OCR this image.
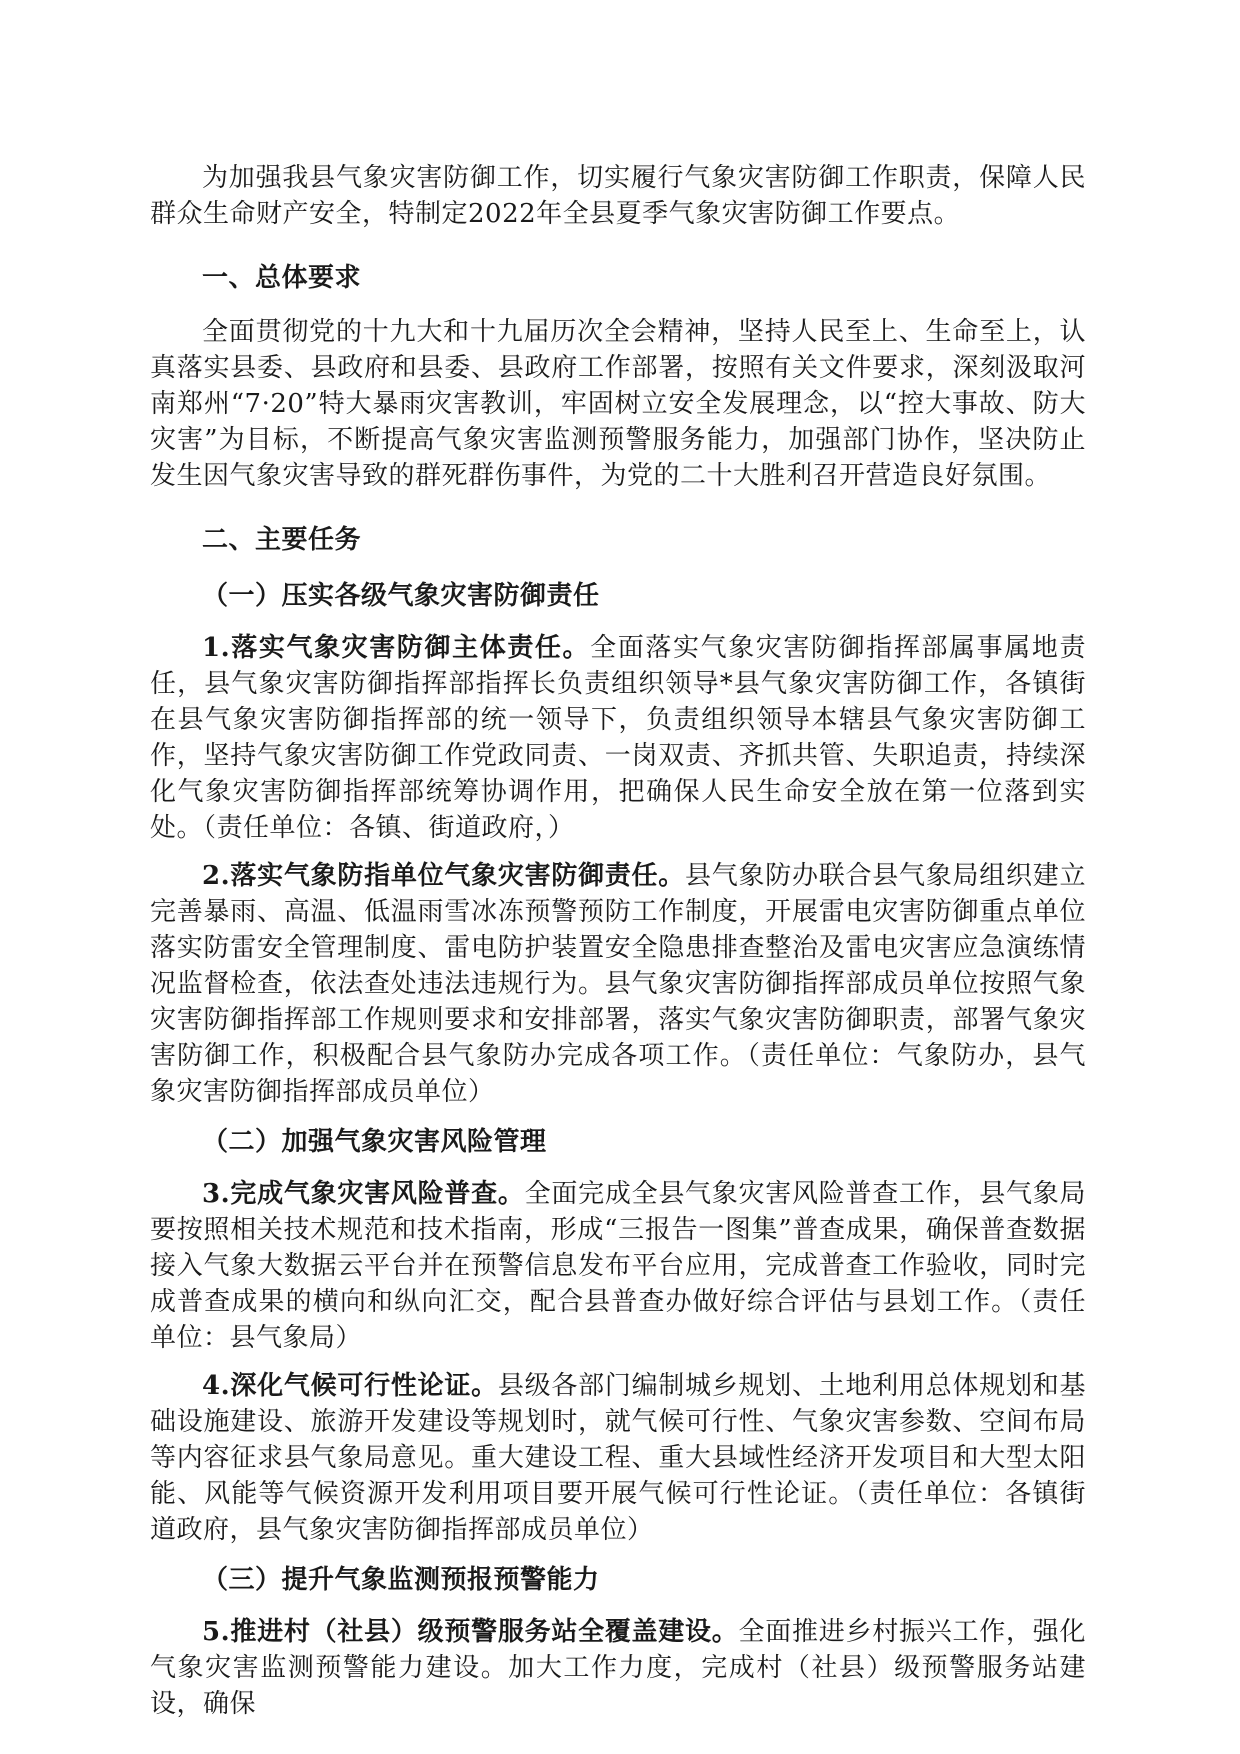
为加强我县气象灾害防御工作，切实履行气象灾害防御工作职责，保障人民群众生命财产安全，特制定2022年全县夏季气象灾害防御工作要点。

一、总体要求

全面贯彻党的十九大和十九届历次全会精神，坚持人民至上、生命至上，认真落实县委、县政府和县委、县政府工作部署，按照有关文件要求，深刻汲取河南郑州“7·20”特大暴雨灾害教训，牢固树立安全发展理念，以“控大事故、防大灾害”为目标，不断提高气象灾害监测预警服务能力，加强部门协作，坚决防止发生因气象灾害导致的群死群伤事件，为党的二十大胜利召开营造良好氛围。

二、主要任务
（一）压实各级气象灾害防御责任

1.落实气象灾害防御主体责任。全面落实气象灾害防御指挥部属事属地责任，县气象灾害防御指挥部指挥长负责组织领导*县气象灾害防御工作，各镇街在县气象灾害防御指挥部的统一领导下，负责组织领导本辖县气象灾害防御工作，坚持气象灾害防御工作党政同责、一岗双责、齐抓共管、失职追责，持续深化气象灾害防御指挥部统筹协调作用，把确保人民生命安全放在第一位落到实处。（责任单位：各镇、街道政府，）

2.落实气象防指单位气象灾害防御责任。县气象防办联合县气象局组织建立完善暴雨、高温、低温雨雪冰冻预警预防工作制度，开展雷电灾害防御重点单位落实防雷安全管理制度、雷电防护装置安全隐患排查整治及雷电灾害应急演练情况监督检查，依法查处违法违规行为。县气象灾害防御指挥部成员单位按照气象灾害防御指挥部工作规则要求和安排部署，落实气象灾害防御职责，部署气象灾害防御工作，积极配合县气象防办完成各项工作。（责任单位：气象防办，县气象灾害防御指挥部成员单位）

（二）加强气象灾害风险管理

3.完成气象灾害风险普查。全面完成全县气象灾害风险普查工作，县气象局要按照相关技术规范和技术指南，形成“三报告一图集”普查成果，确保普查数据接入气象大数据云平台并在预警信息发布平台应用，完成普查工作验收，同时完成普查成果的横向和纵向汇交，配合县普查办做好综合评估与县划工作。（责任单位：县气象局）

4.深化气候可行性论证。县级各部门编制城乡规划、土地利用总体规划和基础设施建设、旅游开发建设等规划时，就气候可行性、气象灾害参数、空间布局等内容征求县气象局意见。重大建设工程、重大县域性经济开发项目和大型太阳能、风能等气候资源开发利用项目要开展气候可行性论证。（责任单位：各镇街道政府，县气象灾害防御指挥部成员单位）

（三）提升气象监测预报预警能力

5.推进村（社县）级预警服务站全覆盖建设。全面推进乡村振兴工作，强化气象灾害监测预警能力建设。加大工作力度，完成村（社县）级预警服务站建设，确保
